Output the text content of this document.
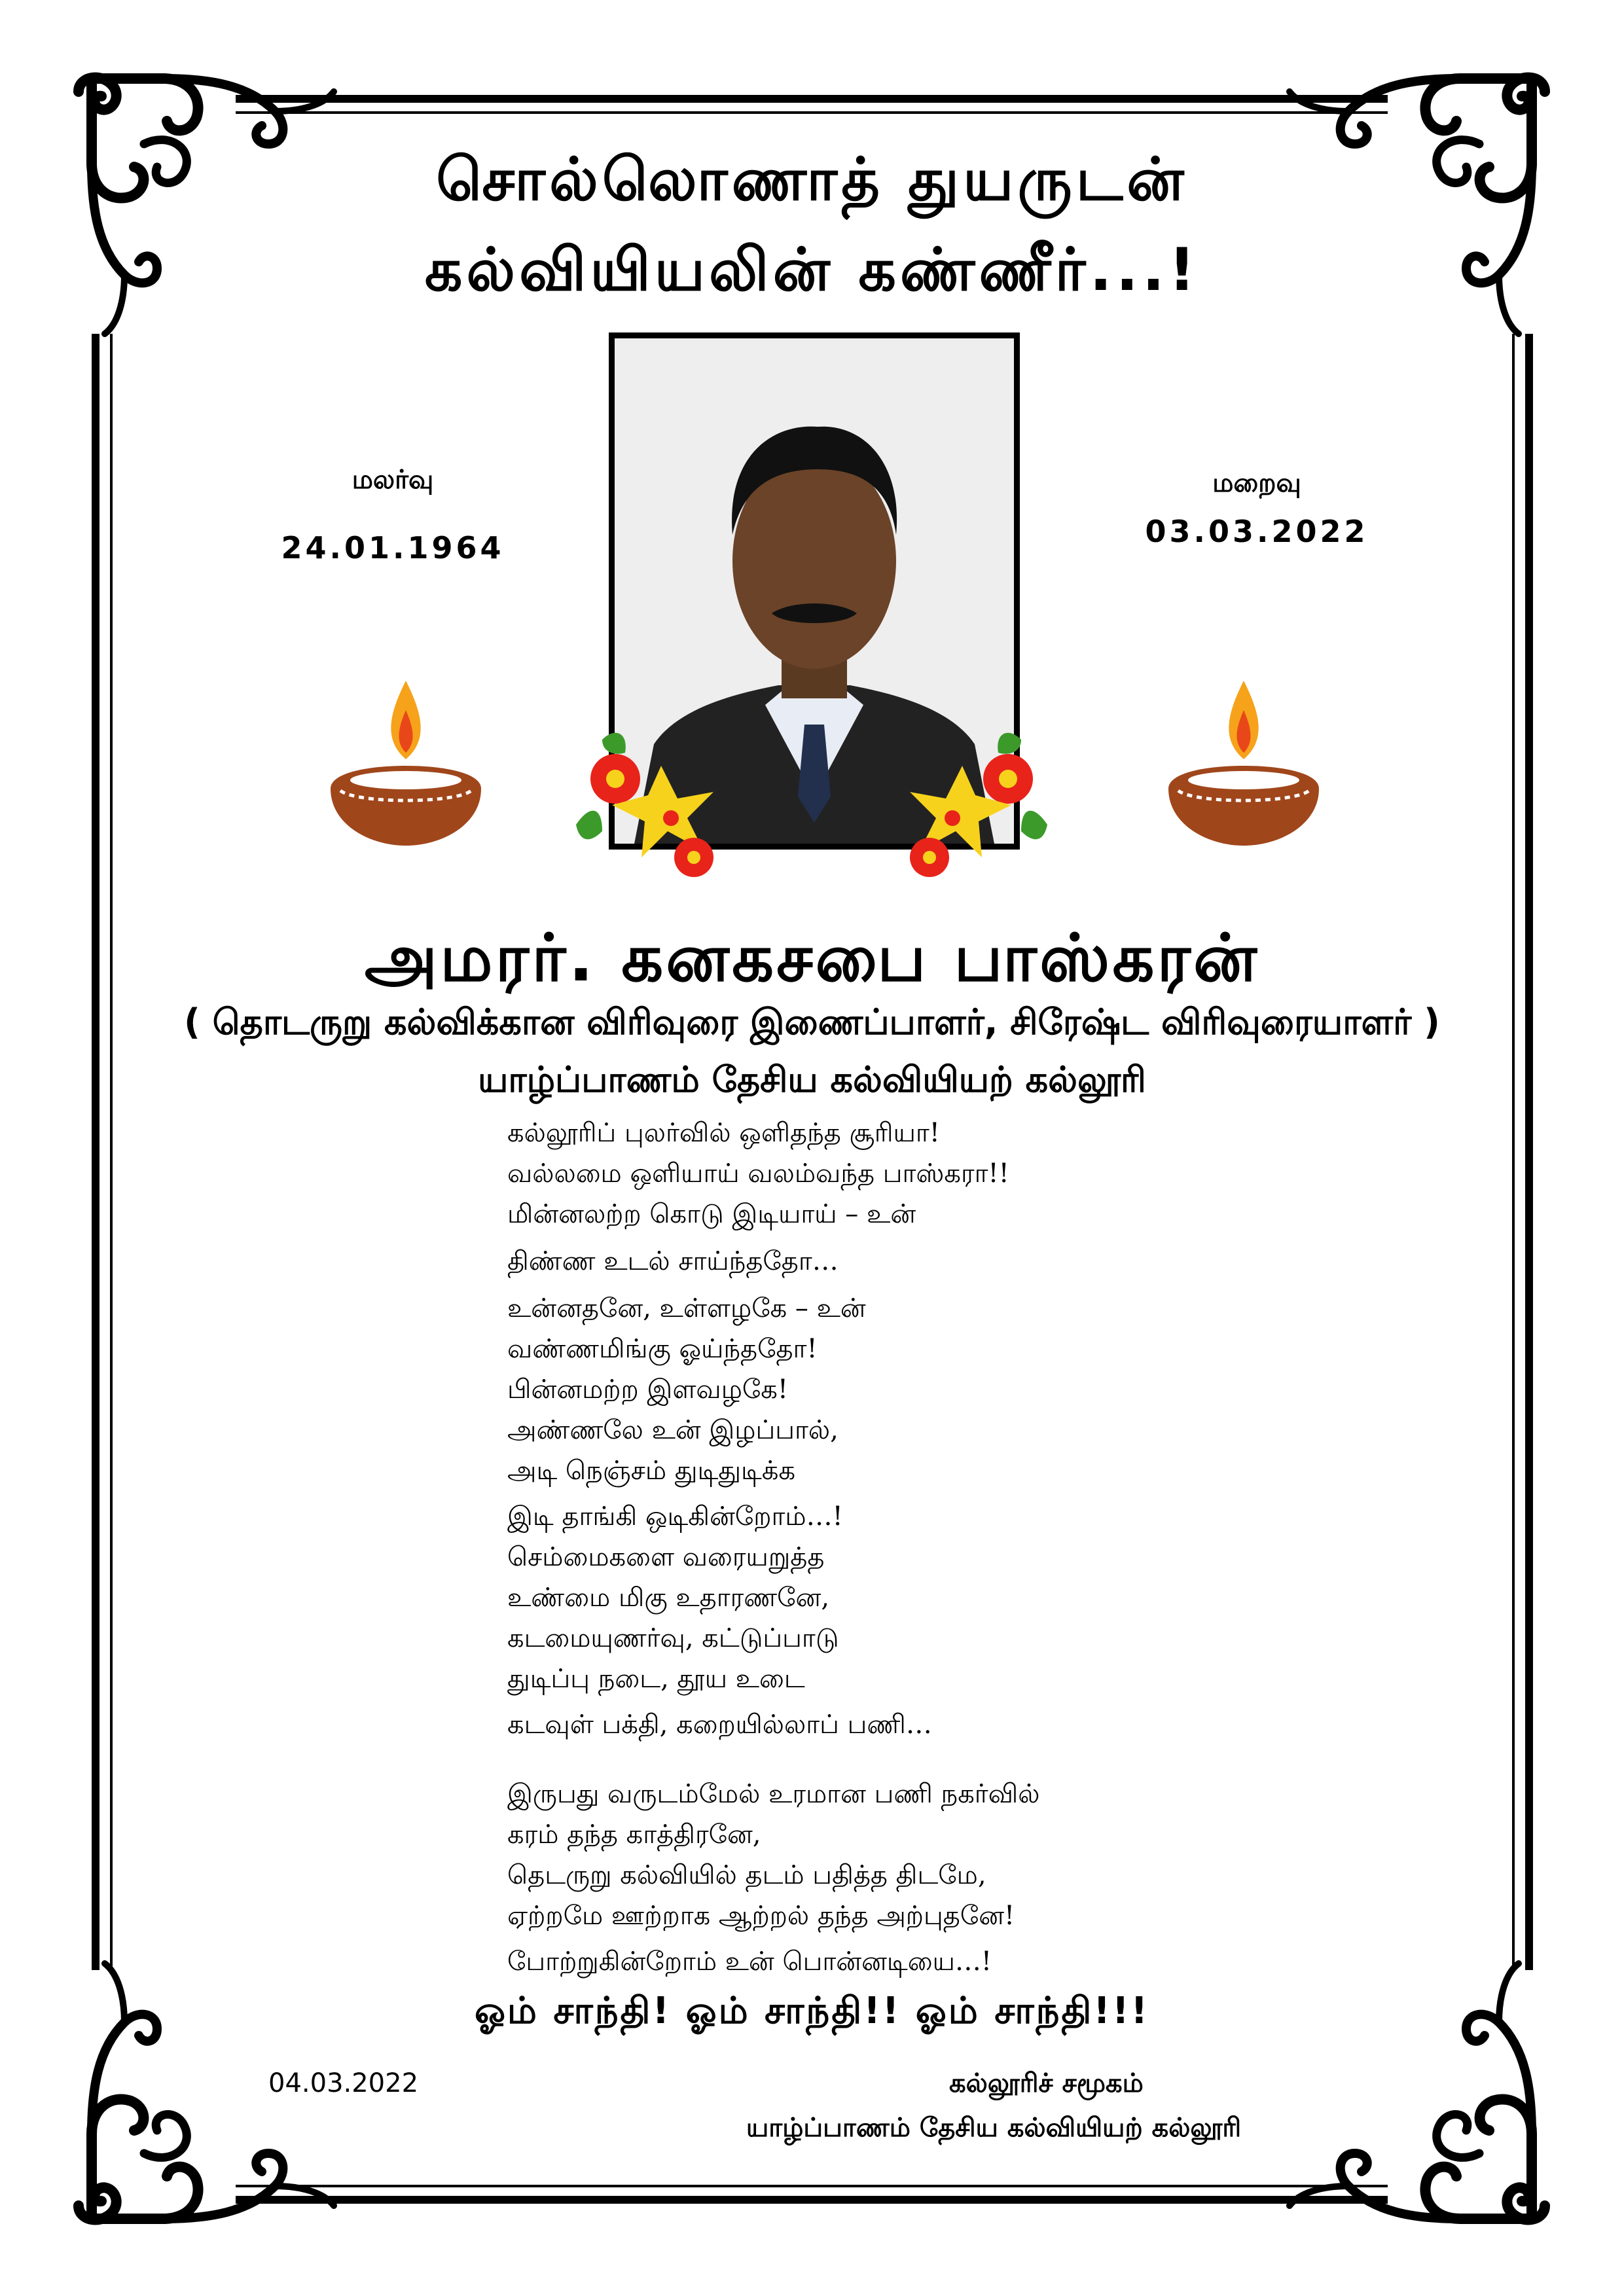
சொல்லொணாத் துயருடன்
கல்வியியலின் கண்ணீர்...!
மலர்வு
24.01.1964
மறைவு
03.03.2022
அமரர். கனகசபை பாஸ்கரன்
( தொடருறு கல்விக்கான விரிவுரை இணைப்பாளர், சிரேஷ்ட விரிவுரையாளர் )
யாழ்ப்பாணம் தேசிய கல்வியியற் கல்லூரி
கல்லூரிப் புலர்வில் ஒளிதந்த சூரியா!
வல்லமை ஒளியாய் வலம்வந்த பாஸ்கரா!!
மின்னலற்ற கொடு இடியாய் – உன்
திண்ண உடல் சாய்ந்ததோ…
உன்னதனே, உள்ளழகே – உன்
வண்ணமிங்கு ஓய்ந்ததோ!
பின்னமற்ற இளவழகே!
அண்ணலே உன் இழப்பால்,
அடி நெஞ்சம் துடிதுடிக்க
இடி தாங்கி ஒடிகின்றோம்…!
செம்மைகளை வரையறுத்த
உண்மை மிகு உதாரணனே,
கடமையுணர்வு, கட்டுப்பாடு
துடிப்பு நடை, தூய உடை
கடவுள் பக்தி, கறையில்லாப் பணி…
இருபது வருடம்மேல் உரமான பணி நகர்வில்
கரம் தந்த காத்திரனே,
தெடருறு கல்வியில் தடம் பதித்த திடமே,
ஏற்றமே ஊற்றாக ஆற்றல் தந்த அற்புதனே!
போற்றுகின்றோம் உன் பொன்னடியை…!
ஓம் சாந்தி! ஓம் சாந்தி!! ஓம் சாந்தி!!!
04.03.2022	கல்லூரிச் சமூகம்
யாழ்ப்பாணம் தேசிய கல்வியியற் கல்லூரி
